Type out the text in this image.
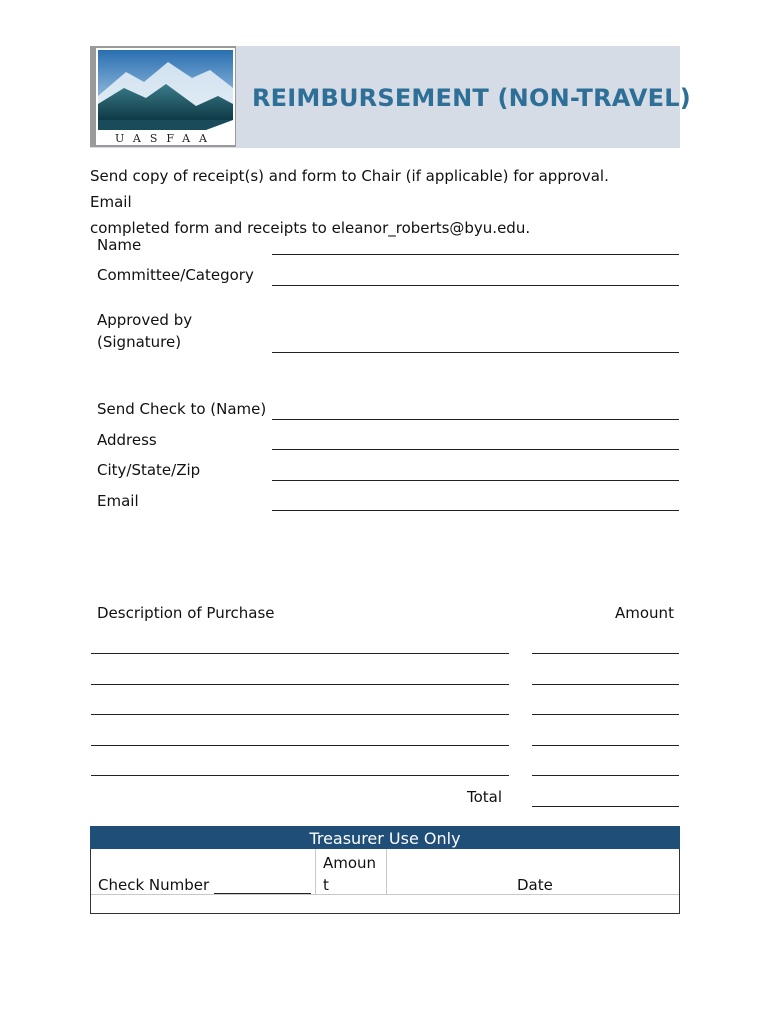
UASFAA
REIMBURSEMENT (NON-TRAVEL)
Send copy of receipt(s) and form to Chair (if applicable) for approval. Email
completed form and receipts to eleanor_roberts@byu.edu.
Name
Committee/Category
Approved by
(Signature)
Send Check to (Name)
Address
City/State/Zip
Email
Description of Purchase	Amount
Total
Treasurer Use Only
Check Number
Amoun
t	Date
